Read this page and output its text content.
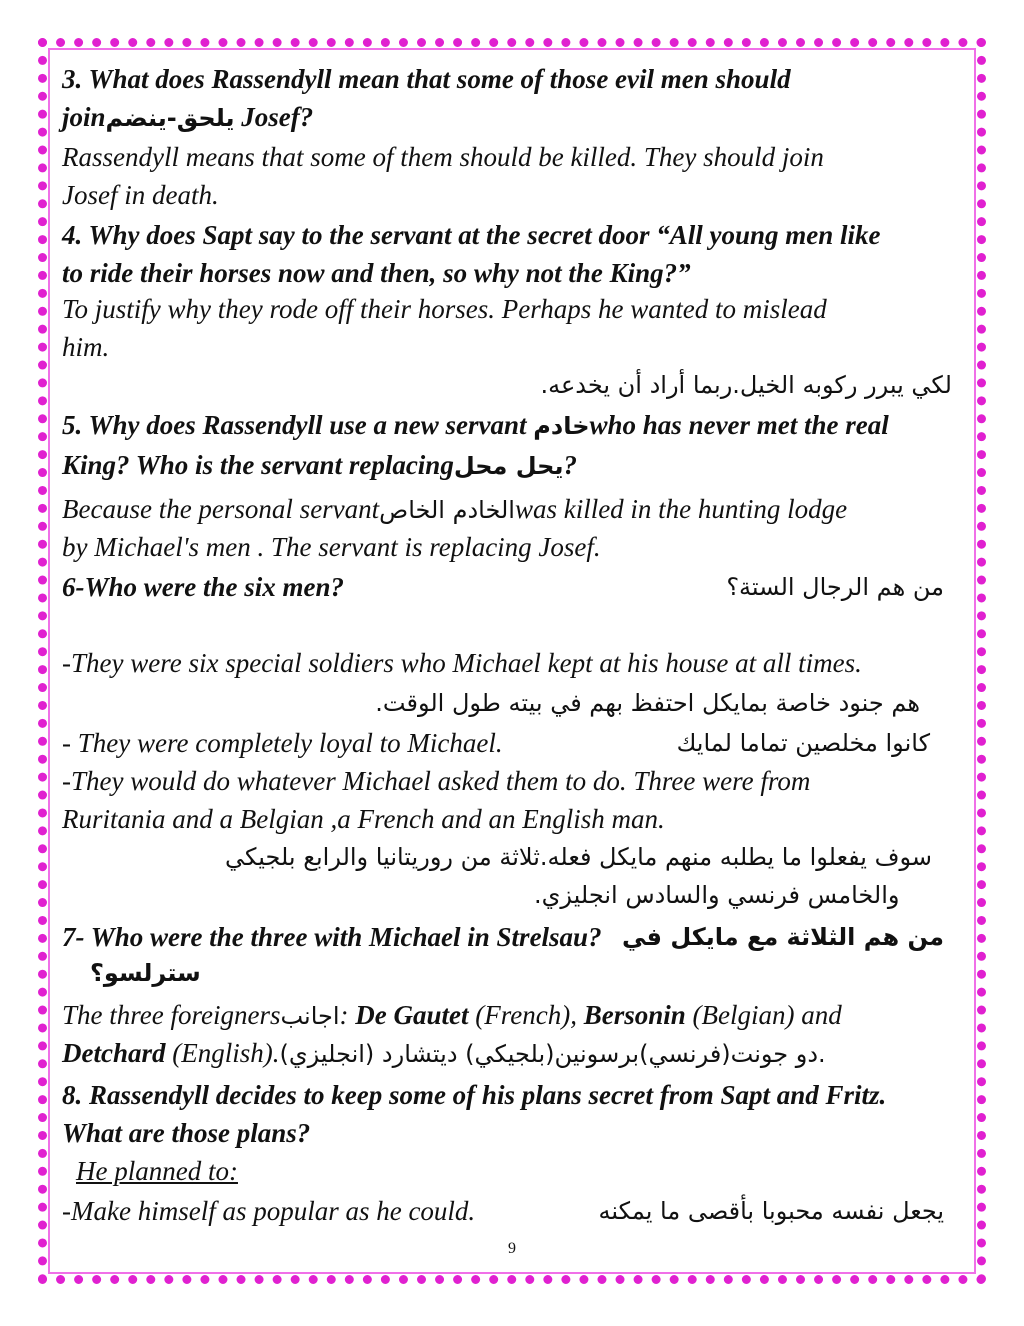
3. What does Rassendyll mean that some of those evil men should
joinيلحق-ينضم Josef?
Rassendyll means that some of them should be killed. They should join
Josef in death.
4. Why does Sapt say to the servant at the secret door “All young men like
to ride their horses now and then, so why not the King?”
To justify why they rode off their horses. Perhaps he wanted to mislead
him.
لكي يبرر ركوبه الخيل.ربما أراد أن يخدعه.
5. Why does Rassendyll use a new servant خادمwho has never met the real
King? Who is the servant replacingيحل محل?
Because the personal servantالخادم الخاصwas killed in the hunting lodge
by Michael's men . The servant is replacing Josef.
6-Who were the six men?	من هم الرجال الستة؟
-They were six special soldiers who Michael kept at his house at all times.
هم جنود خاصة بمايكل احتفظ بهم في بيته طول الوقت.
- They were completely loyal to Michael.	كانوا مخلصين تماما لمايك
-They would do whatever Michael asked them to do. Three were from
Ruritania and a Belgian ,a French and an English man.
سوف يفعلوا ما يطلبه منهم مايكل فعله.ثلاثة من روريتانيا والرابع بلجيكي
والخامس فرنسي والسادس انجليزي.
7- Who were the three with Michael in Strelsau? من هم الثلاثة مع مايكل في
سترلسو؟
The three foreignersاجانب: De Gautet (French), Bersonin (Belgian) and
Detchard (English).دو جونت(فرنسي)برسونين(بلجيكي) ديتشارد (انجليزي).
8. Rassendyll decides to keep some of his plans secret from Sapt and Fritz.
What are those plans?
He planned to:
-Make himself as popular as he could.	يجعل نفسه محبوبا بأقصى ما يمكنه
9
